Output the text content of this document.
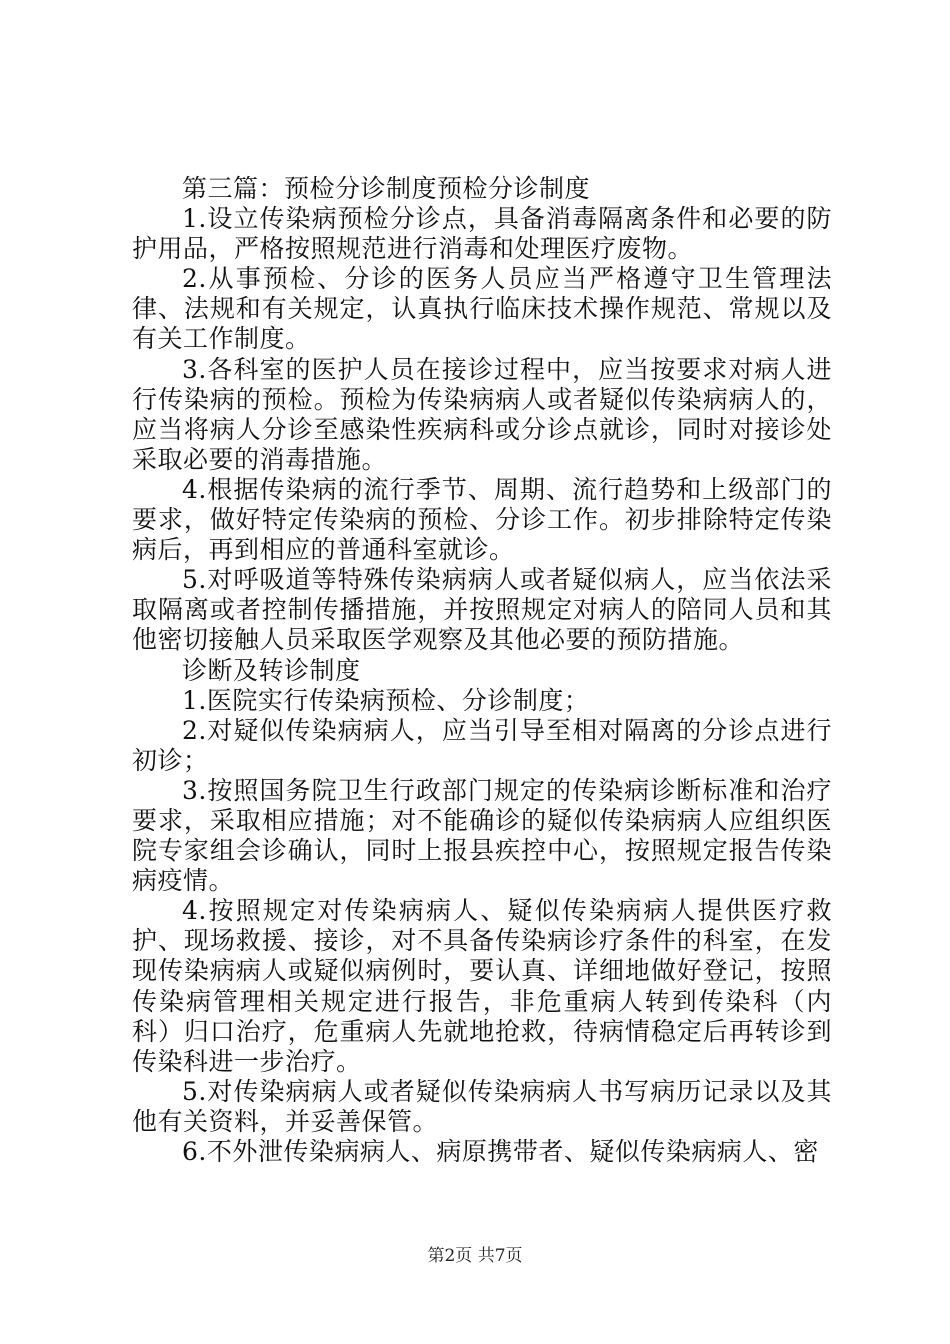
第三篇：预检分诊制度预检分诊制度

1.设立传染病预检分诊点，具备消毒隔离条件和必要的防护用品，严格按照规范进行消毒和处理医疗废物。

2.从事预检、分诊的医务人员应当严格遵守卫生管理法律、法规和有关规定，认真执行临床技术操作规范、常规以及有关工作制度。

3.各科室的医护人员在接诊过程中，应当按要求对病人进行传染病的预检。预检为传染病病人或者疑似传染病病人的，应当将病人分诊至感染性疾病科或分诊点就诊，同时对接诊处采取必要的消毒措施。

4.根据传染病的流行季节、周期、流行趋势和上级部门的要求，做好特定传染病的预检、分诊工作。初步排除特定传染病后，再到相应的普通科室就诊。

5.对呼吸道等特殊传染病病人或者疑似病人，应当依法采取隔离或者控制传播措施，并按照规定对病人的陪同人员和其他密切接触人员采取医学观察及其他必要的预防措施。

诊断及转诊制度

1.医院实行传染病预检、分诊制度；

2.对疑似传染病病人，应当引导至相对隔离的分诊点进行初诊；

3.按照国务院卫生行政部门规定的传染病诊断标准和治疗要求，采取相应措施；对不能确诊的疑似传染病病人应组织医院专家组会诊确认，同时上报县疾控中心，按照规定报告传染病疫情。

4.按照规定对传染病病人、疑似传染病病人提供医疗救护、现场救援、接诊，对不具备传染病诊疗条件的科室，在发现传染病病人或疑似病例时，要认真、详细地做好登记，按照传染病管理相关规定进行报告，非危重病人转到传染科（内科）归口治疗，危重病人先就地抢救，待病情稳定后再转诊到传染科进一步治疗。

5.对传染病病人或者疑似传染病病人书写病历记录以及其他有关资料，并妥善保管。

6.不外泄传染病病人、病原携带者、疑似传染病病人、密

第2页 共7页
